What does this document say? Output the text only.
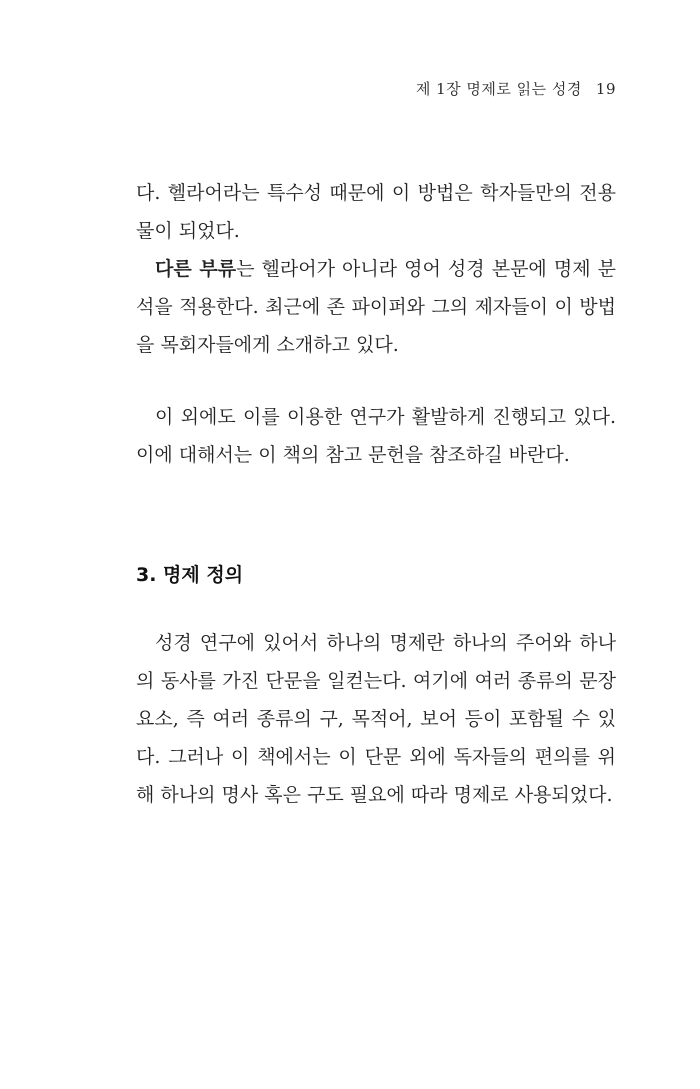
제 1장 명제로 읽는 성경 19

다. 헬라어라는 특수성 때문에 이 방법은 학자들만의 전용물이 되었다.

다른 부류는 헬라어가 아니라 영어 성경 본문에 명제 분석을 적용한다. 최근에 존 파이퍼와 그의 제자들이 이 방법을 목회자들에게 소개하고 있다.

이 외에도 이를 이용한 연구가 활발하게 진행되고 있다. 이에 대해서는 이 책의 참고 문헌을 참조하길 바란다.

3. 명제 정의

성경 연구에 있어서 하나의 명제란 하나의 주어와 하나의 동사를 가진 단문을 일컫는다. 여기에 여러 종류의 문장 요소, 즉 여러 종류의 구, 목적어, 보어 등이 포함될 수 있다. 그러나 이 책에서는 이 단문 외에 독자들의 편의를 위해 하나의 명사 혹은 구도 필요에 따라 명제로 사용되었다.
